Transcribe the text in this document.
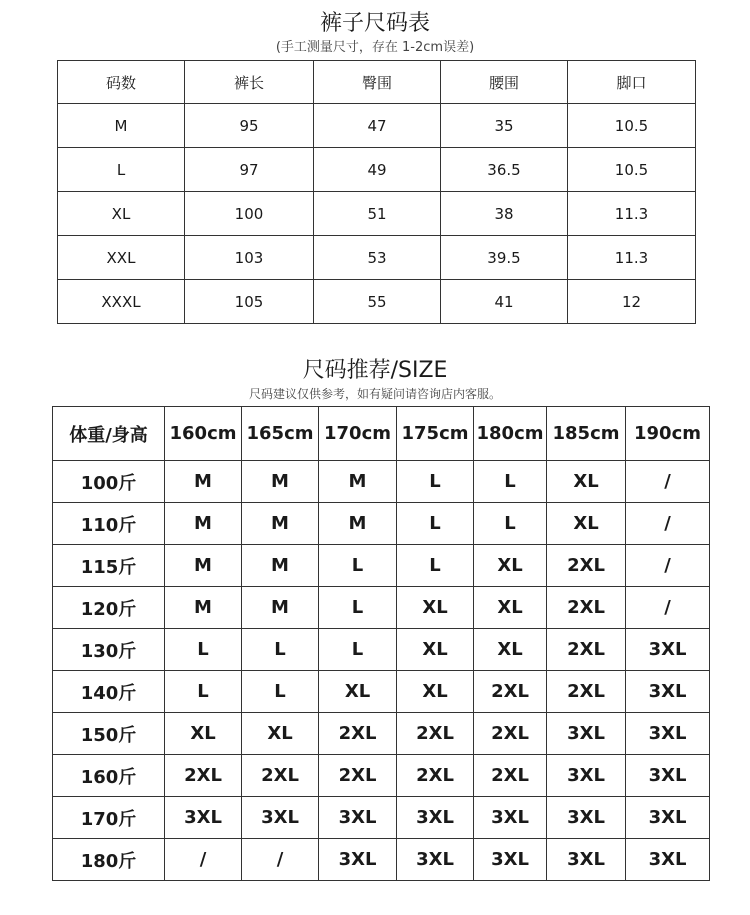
裤子尺码表
(手工测量尺寸，存在 1-2cm误差)
码数	裤长	臀围	腰围	脚口
M	95	47	35	10.5
L	97	49	36.5	10.5
XL	100	51	38	11.3
XXL	103	53	39.5	11.3
XXXL	105	55	41	12
尺码推荐/SIZE
尺码建议仅供参考，如有疑问请咨询店内客服。
体重/身高	160cm	165cm	170cm	175cm	180cm	185cm	190cm
100斤	M	M	M	L	L	XL	/
110斤	M	M	M	L	L	XL	/
115斤	M	M	L	L	XL	2XL	/
120斤	M	M	L	XL	XL	2XL	/
130斤	L	L	L	XL	XL	2XL	3XL
140斤	L	L	XL	XL	2XL	2XL	3XL
150斤	XL	XL	2XL	2XL	2XL	3XL	3XL
160斤	2XL	2XL	2XL	2XL	2XL	3XL	3XL
170斤	3XL	3XL	3XL	3XL	3XL	3XL	3XL
180斤	/	/	3XL	3XL	3XL	3XL	3XL
